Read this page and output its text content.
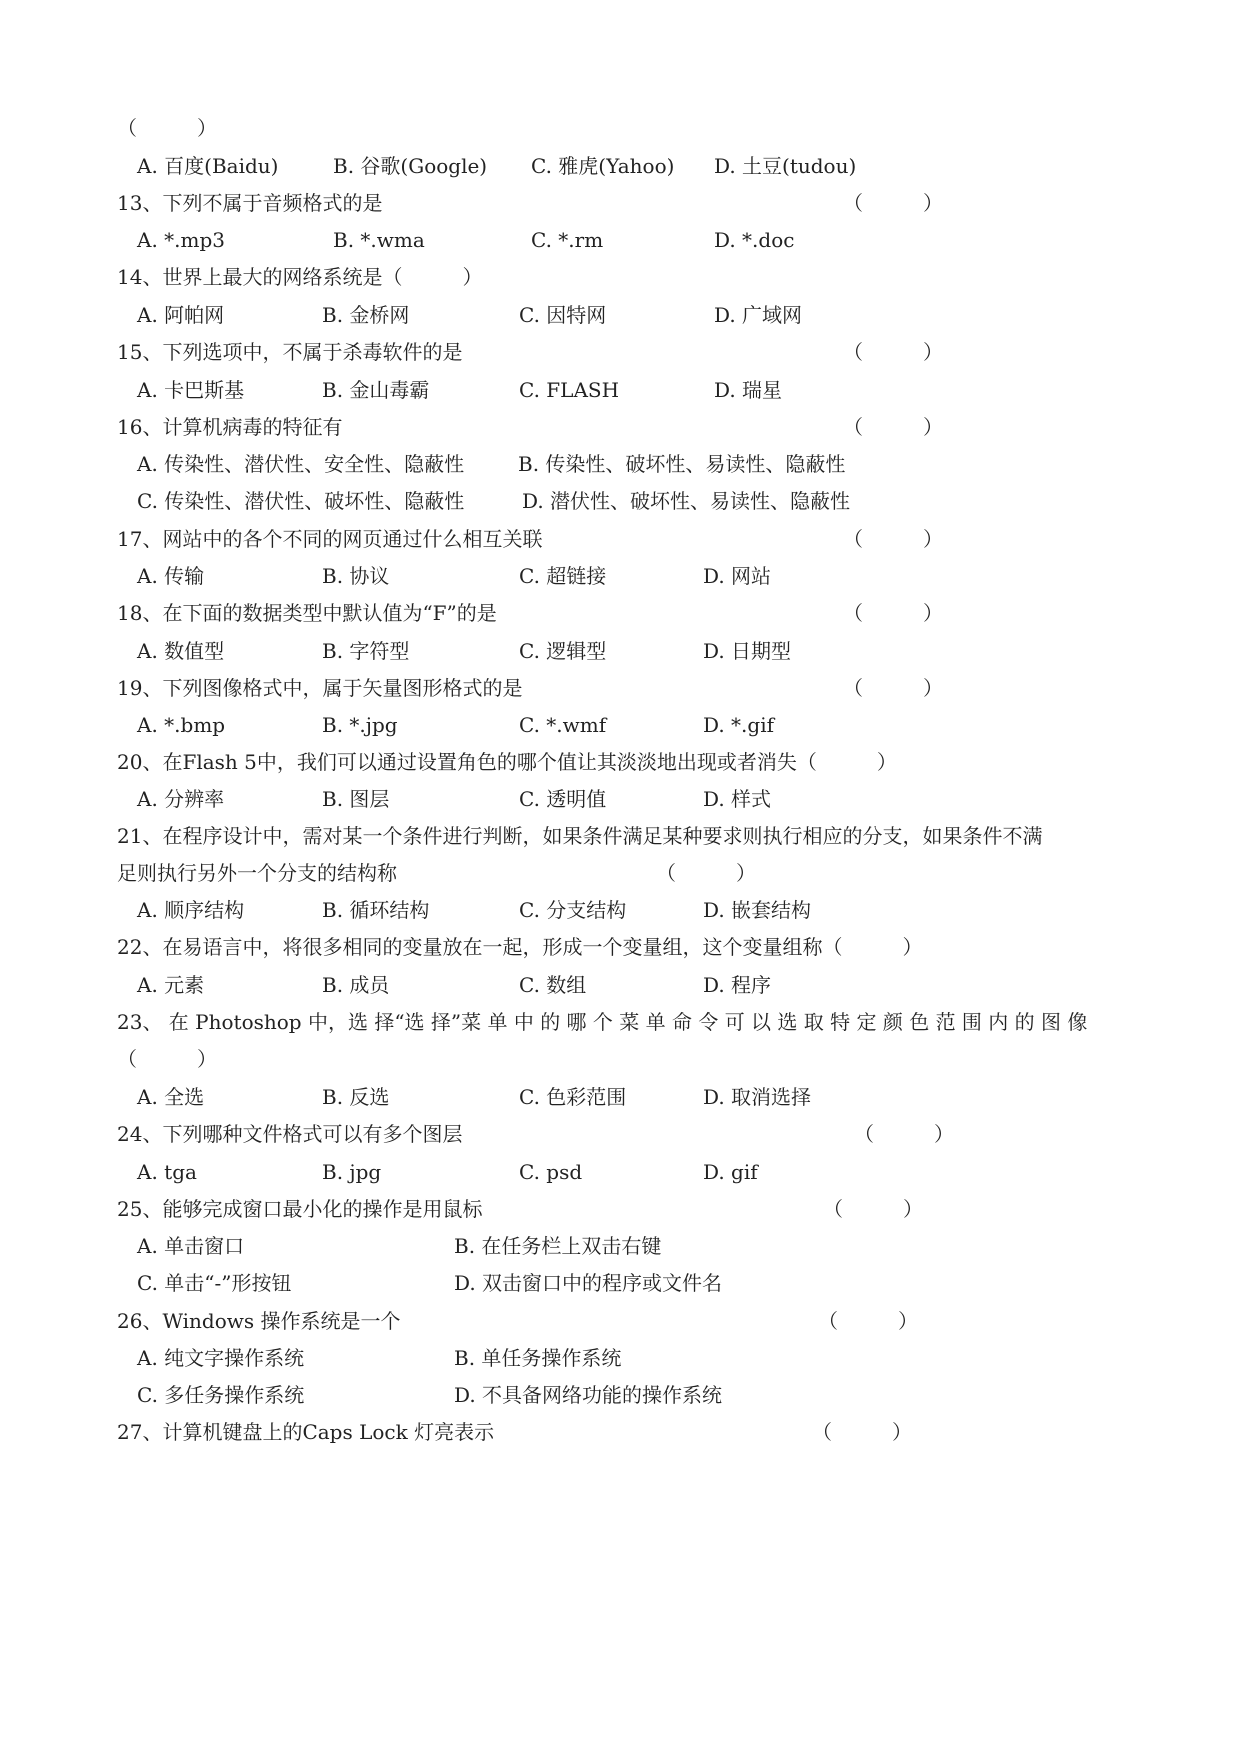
（　　　）
A. 百度(Baidu)	B. 谷歌(Google) C. 雅虎(Yahoo) D. 土豆(tudou)
13、下列不属于音频格式的是	（　　　）
A. *.mp3	B. *.wma	C. *.rm	D. *.doc
14、世界上最大的网络系统是（　　　）
A. 阿帕网	B. 金桥网	C. 因特网	D. 广域网
15、下列选项中，不属于杀毒软件的是	（　　　）
A. 卡巴斯基	B. 金山毒霸	C. FLASH	D. 瑞星
16、计算机病毒的特征有	（　　　）
A. 传染性、潜伏性、安全性、隐蔽性	B. 传染性、破坏性、易读性、隐蔽性
C. 传染性、潜伏性、破坏性、隐蔽性	D. 潜伏性、破坏性、易读性、隐蔽性
17、网站中的各个不同的网页通过什么相互关联	（　　　）
A. 传输	B. 协议	C. 超链接	D. 网站
18、在下面的数据类型中默认值为“F”的是	（　　　）
A. 数值型	B. 字符型	C. 逻辑型	D. 日期型
19、下列图像格式中，属于矢量图形格式的是	（　　　）
A. *.bmp	B. *.jpg	C. *.wmf	D. *.gif
20、在Flash 5中，我们可以通过设置角色的哪个值让其淡淡地出现或者消失（　　　）
A. 分辨率	B. 图层	C. 透明值	D. 样式
21、在程序设计中，需对某一个条件进行判断，如果条件满足某种要求则执行相应的分支，如果条件不满
足则执行另外一个分支的结构称	（　　　）
A. 顺序结构	B. 循环结构	C. 分支结构	D. 嵌套结构
22、在易语言中，将很多相同的变量放在一起，形成一个变量组，这个变量组称（　　　）
A. 元素	B. 成员	C. 数组	D. 程序
23、 在 Photoshop 中，选 择“选 择”菜 单 中 的 哪 个 菜 单 命 令 可 以 选 取 特 定 颜 色 范 围 内 的 图 像
（　　　）
A. 全选	B. 反选	C. 色彩范围	D. 取消选择
24、下列哪种文件格式可以有多个图层	（　　　）
A. tga	B. jpg	C. psd	D. gif
25、能够完成窗口最小化的操作是用鼠标	（　　　）
A. 单击窗口	B. 在任务栏上双击右键
C. 单击“-”形按钮	D. 双击窗口中的程序或文件名
26、Windows 操作系统是一个	（　　　）
A. 纯文字操作系统	B. 单任务操作系统
C. 多任务操作系统	D. 不具备网络功能的操作系统
27、计算机键盘上的Caps Lock 灯亮表示	（　　　）
